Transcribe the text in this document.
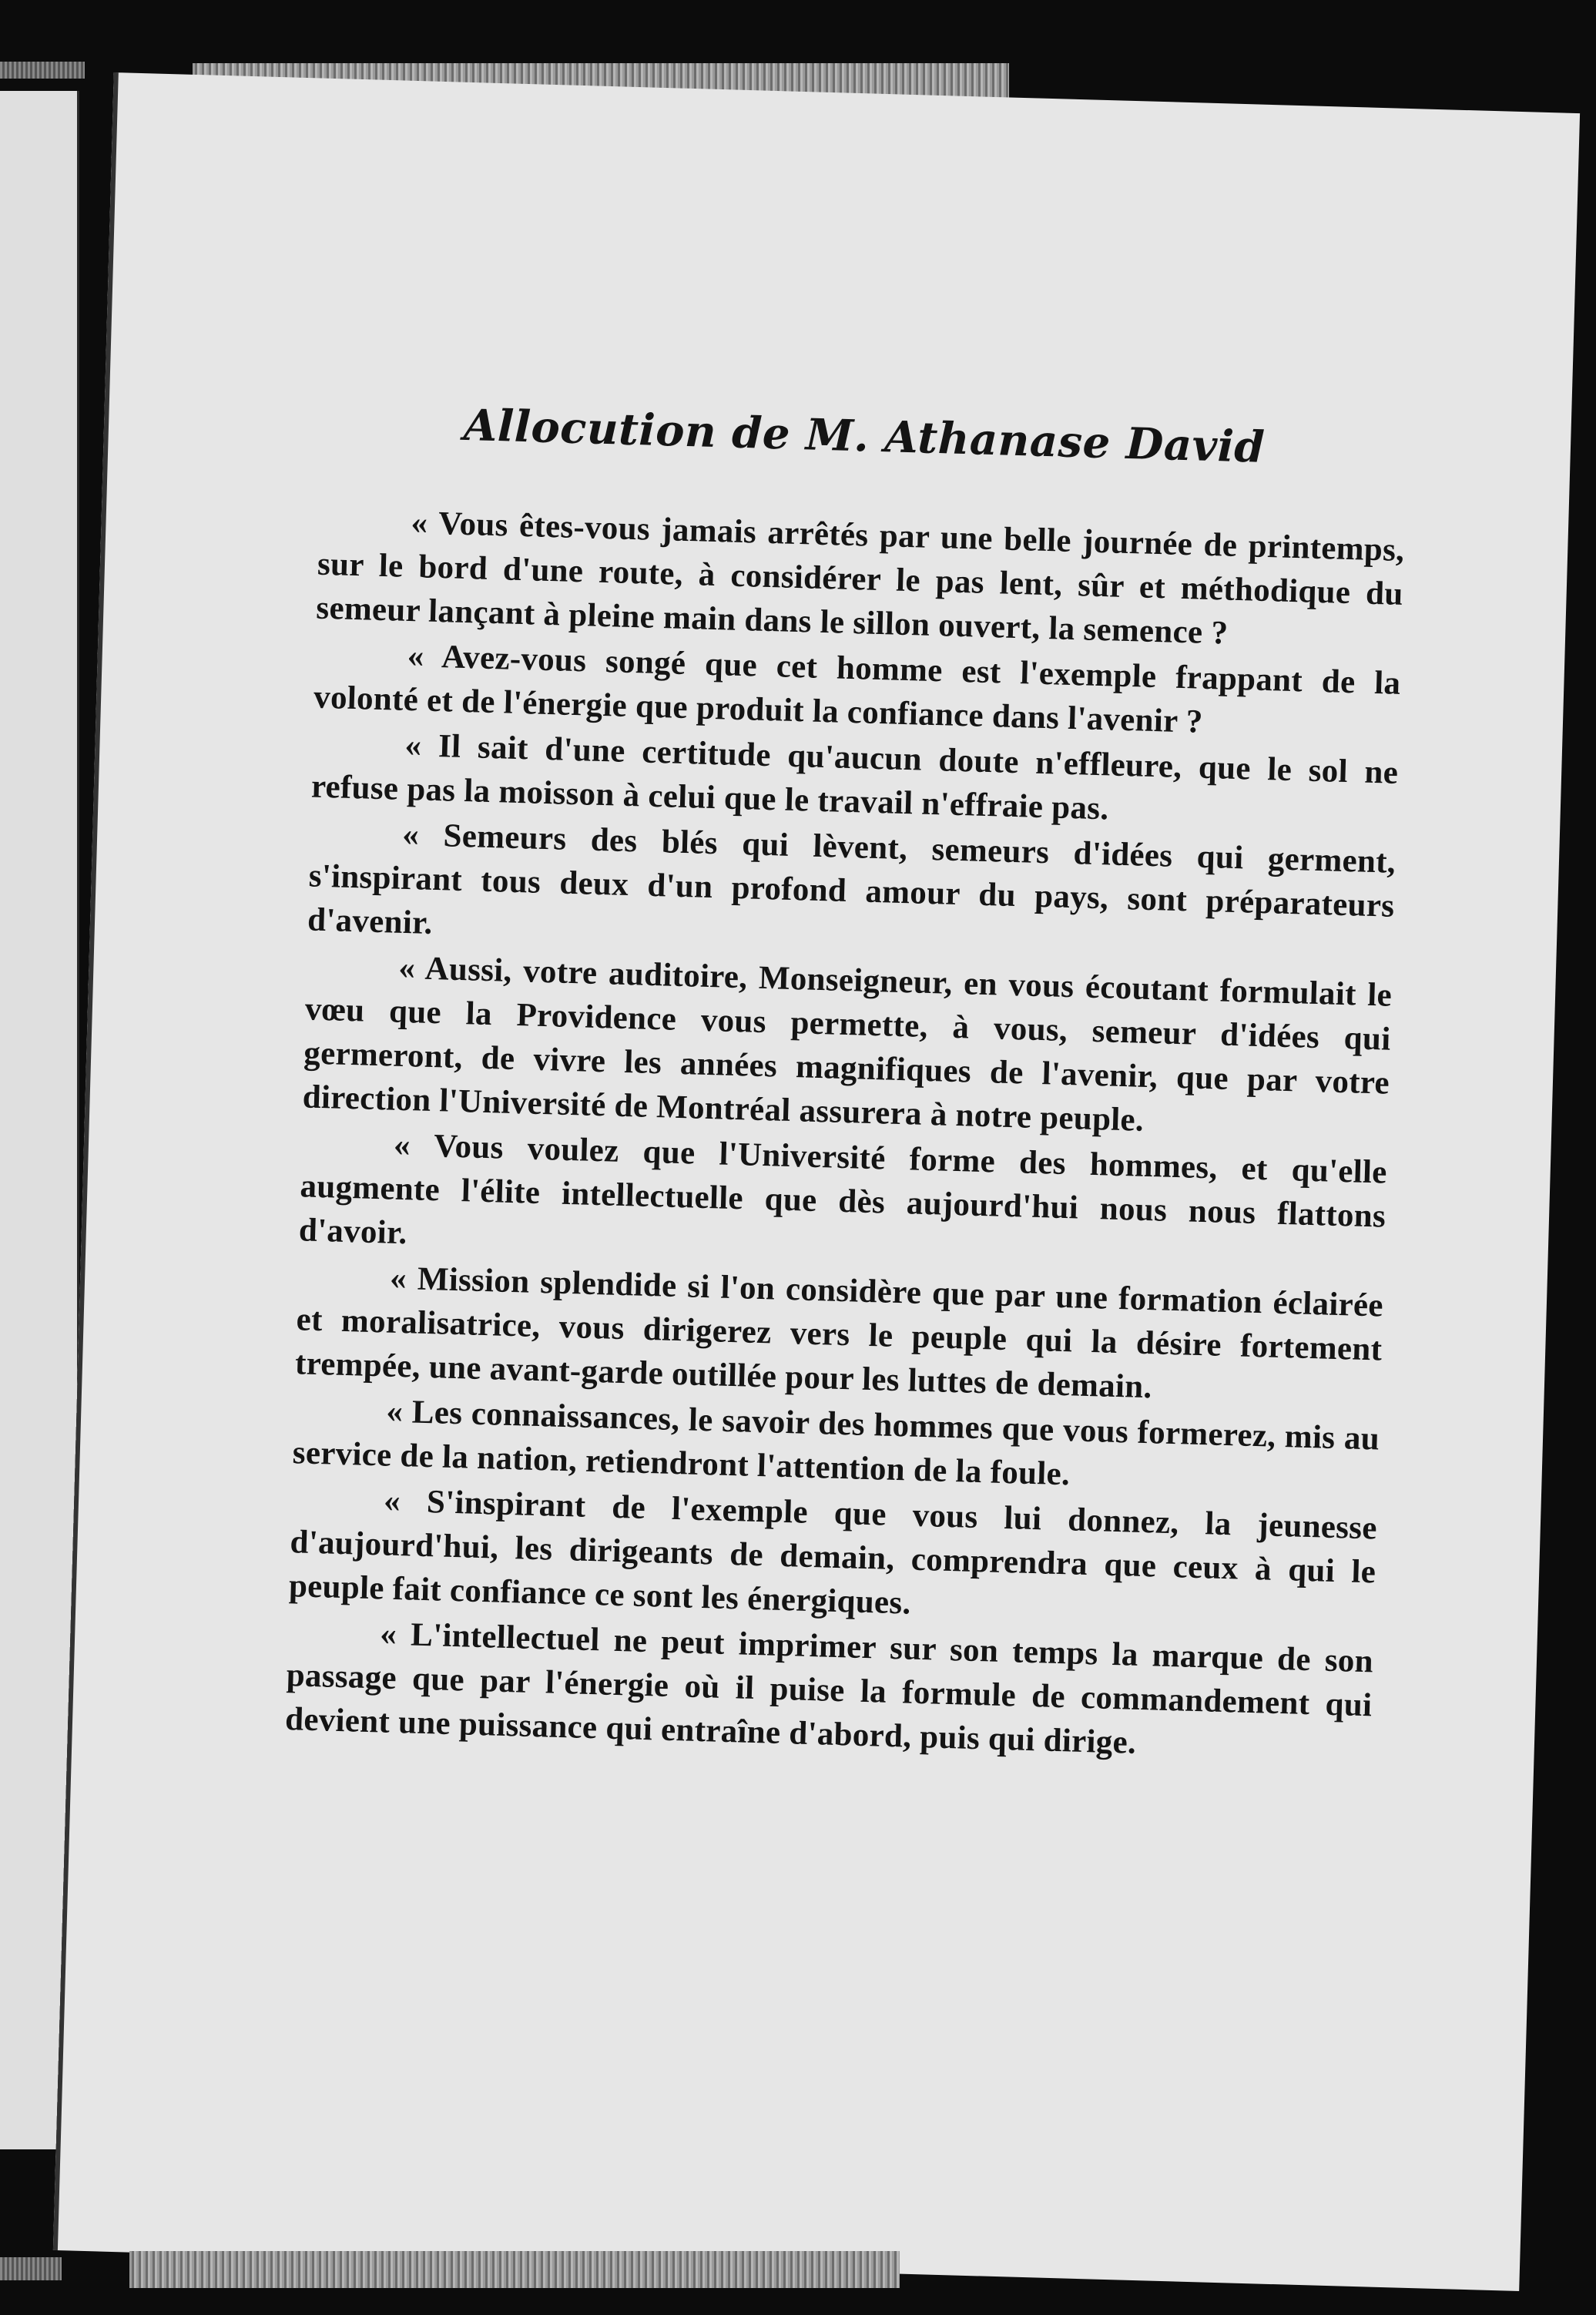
Allocution de M. Athanase David

« Vous êtes-vous jamais arrêtés par une belle journée de printemps, sur le bord d'une route, à considérer le pas lent, sûr et méthodique du semeur lançant à pleine main dans le sillon ouvert, la semence ?

« Avez-vous songé que cet homme est l'exemple frappant de la volonté et de l'énergie que produit la confiance dans l'avenir ?

« Il sait d'une certitude qu'aucun doute n'effleure, que le sol ne refuse pas la moisson à celui que le travail n'effraie pas.

« Semeurs des blés qui lèvent, semeurs d'idées qui germent, s'inspirant tous deux d'un profond amour du pays, sont préparateurs d'avenir.

« Aussi, votre auditoire, Monseigneur, en vous écoutant formulait le vœu que la Providence vous permette, à vous, semeur d'idées qui germeront, de vivre les années magnifiques de l'avenir, que par votre direction l'Université de Montréal assurera à notre peuple.

« Vous voulez que l'Université forme des hommes, et qu'elle augmente l'élite intellectuelle que dès aujourd'hui nous nous flattons d'avoir.

« Mission splendide si l'on considère que par une formation éclairée et moralisatrice, vous dirigerez vers le peuple qui la désire fortement trempée, une avant-garde outillée pour les luttes de demain.

« Les connaissances, le savoir des hommes que vous formerez, mis au service de la nation, retiendront l'attention de la foule.

« S'inspirant de l'exemple que vous lui donnez, la jeunesse d'aujourd'hui, les dirigeants de demain, comprendra que ceux à qui le peuple fait confiance ce sont les énergiques.

« L'intellectuel ne peut imprimer sur son temps la marque de son passage que par l'énergie où il puise la formule de commandement qui devient une puissance qui entraîne d'abord, puis qui dirige.
